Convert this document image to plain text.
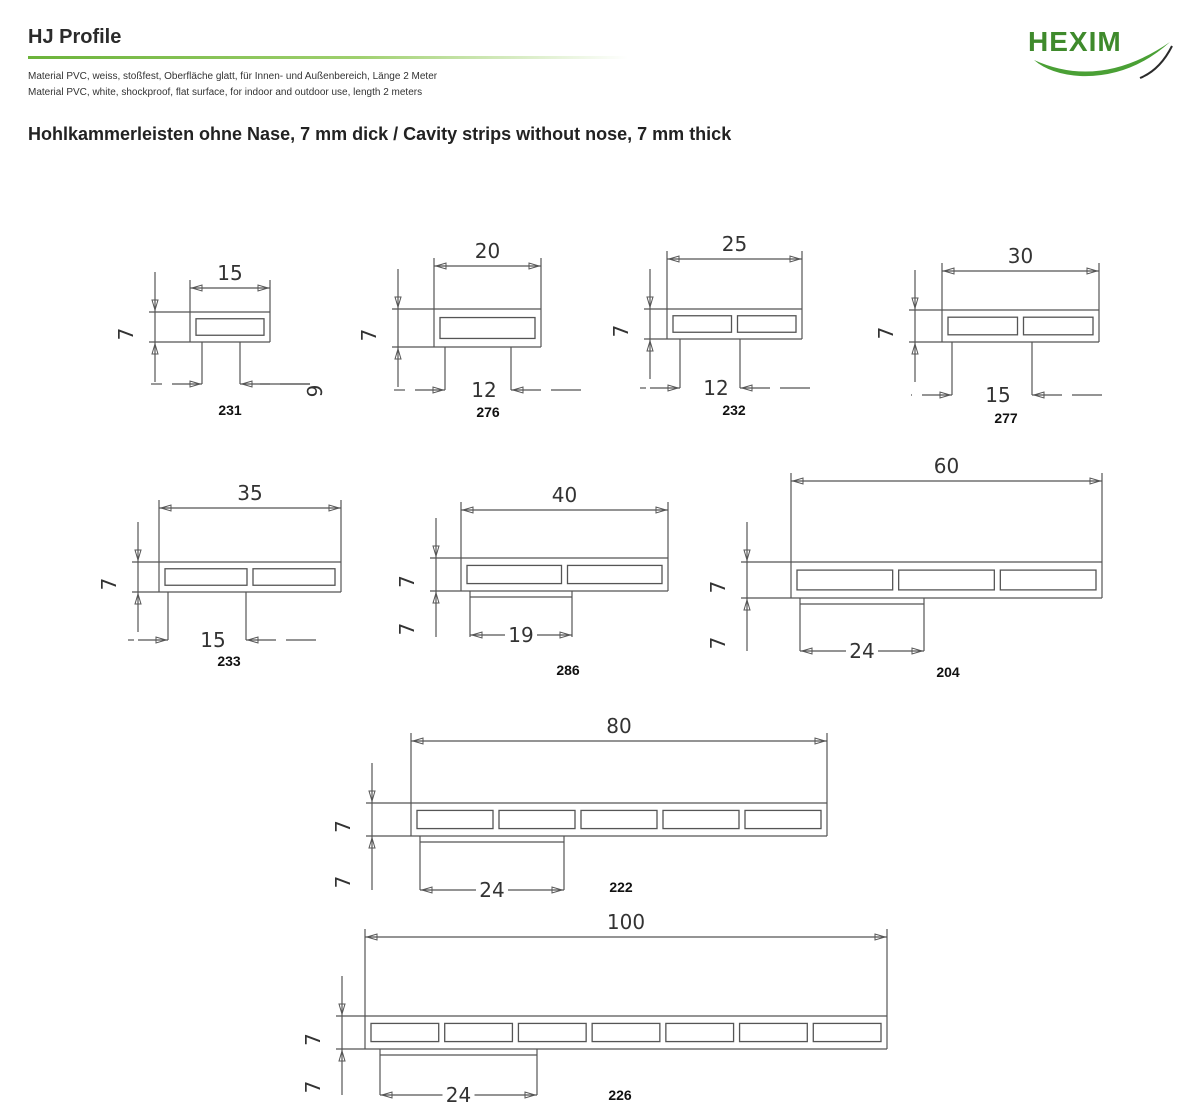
HJ Profile
Material PVC, weiss, stoßfest, Oberfläche glatt, für Innen- und Außenbereich, Länge 2 Meter
Material PVC, white, shockproof, flat surface, for indoor and outdoor use, length 2 meters
Hohlkammerleisten ohne Nase, 7 mm dick / Cavity strips without nose, 7 mm thick
HEXIM
15
7
9
231
20
7
12
276
25
7
12
232
30
7
15
277
35
7
15
233
40
7
19
7
286
60
7
24
7
204
80
7
24
7	222
100
7
24
7	226
